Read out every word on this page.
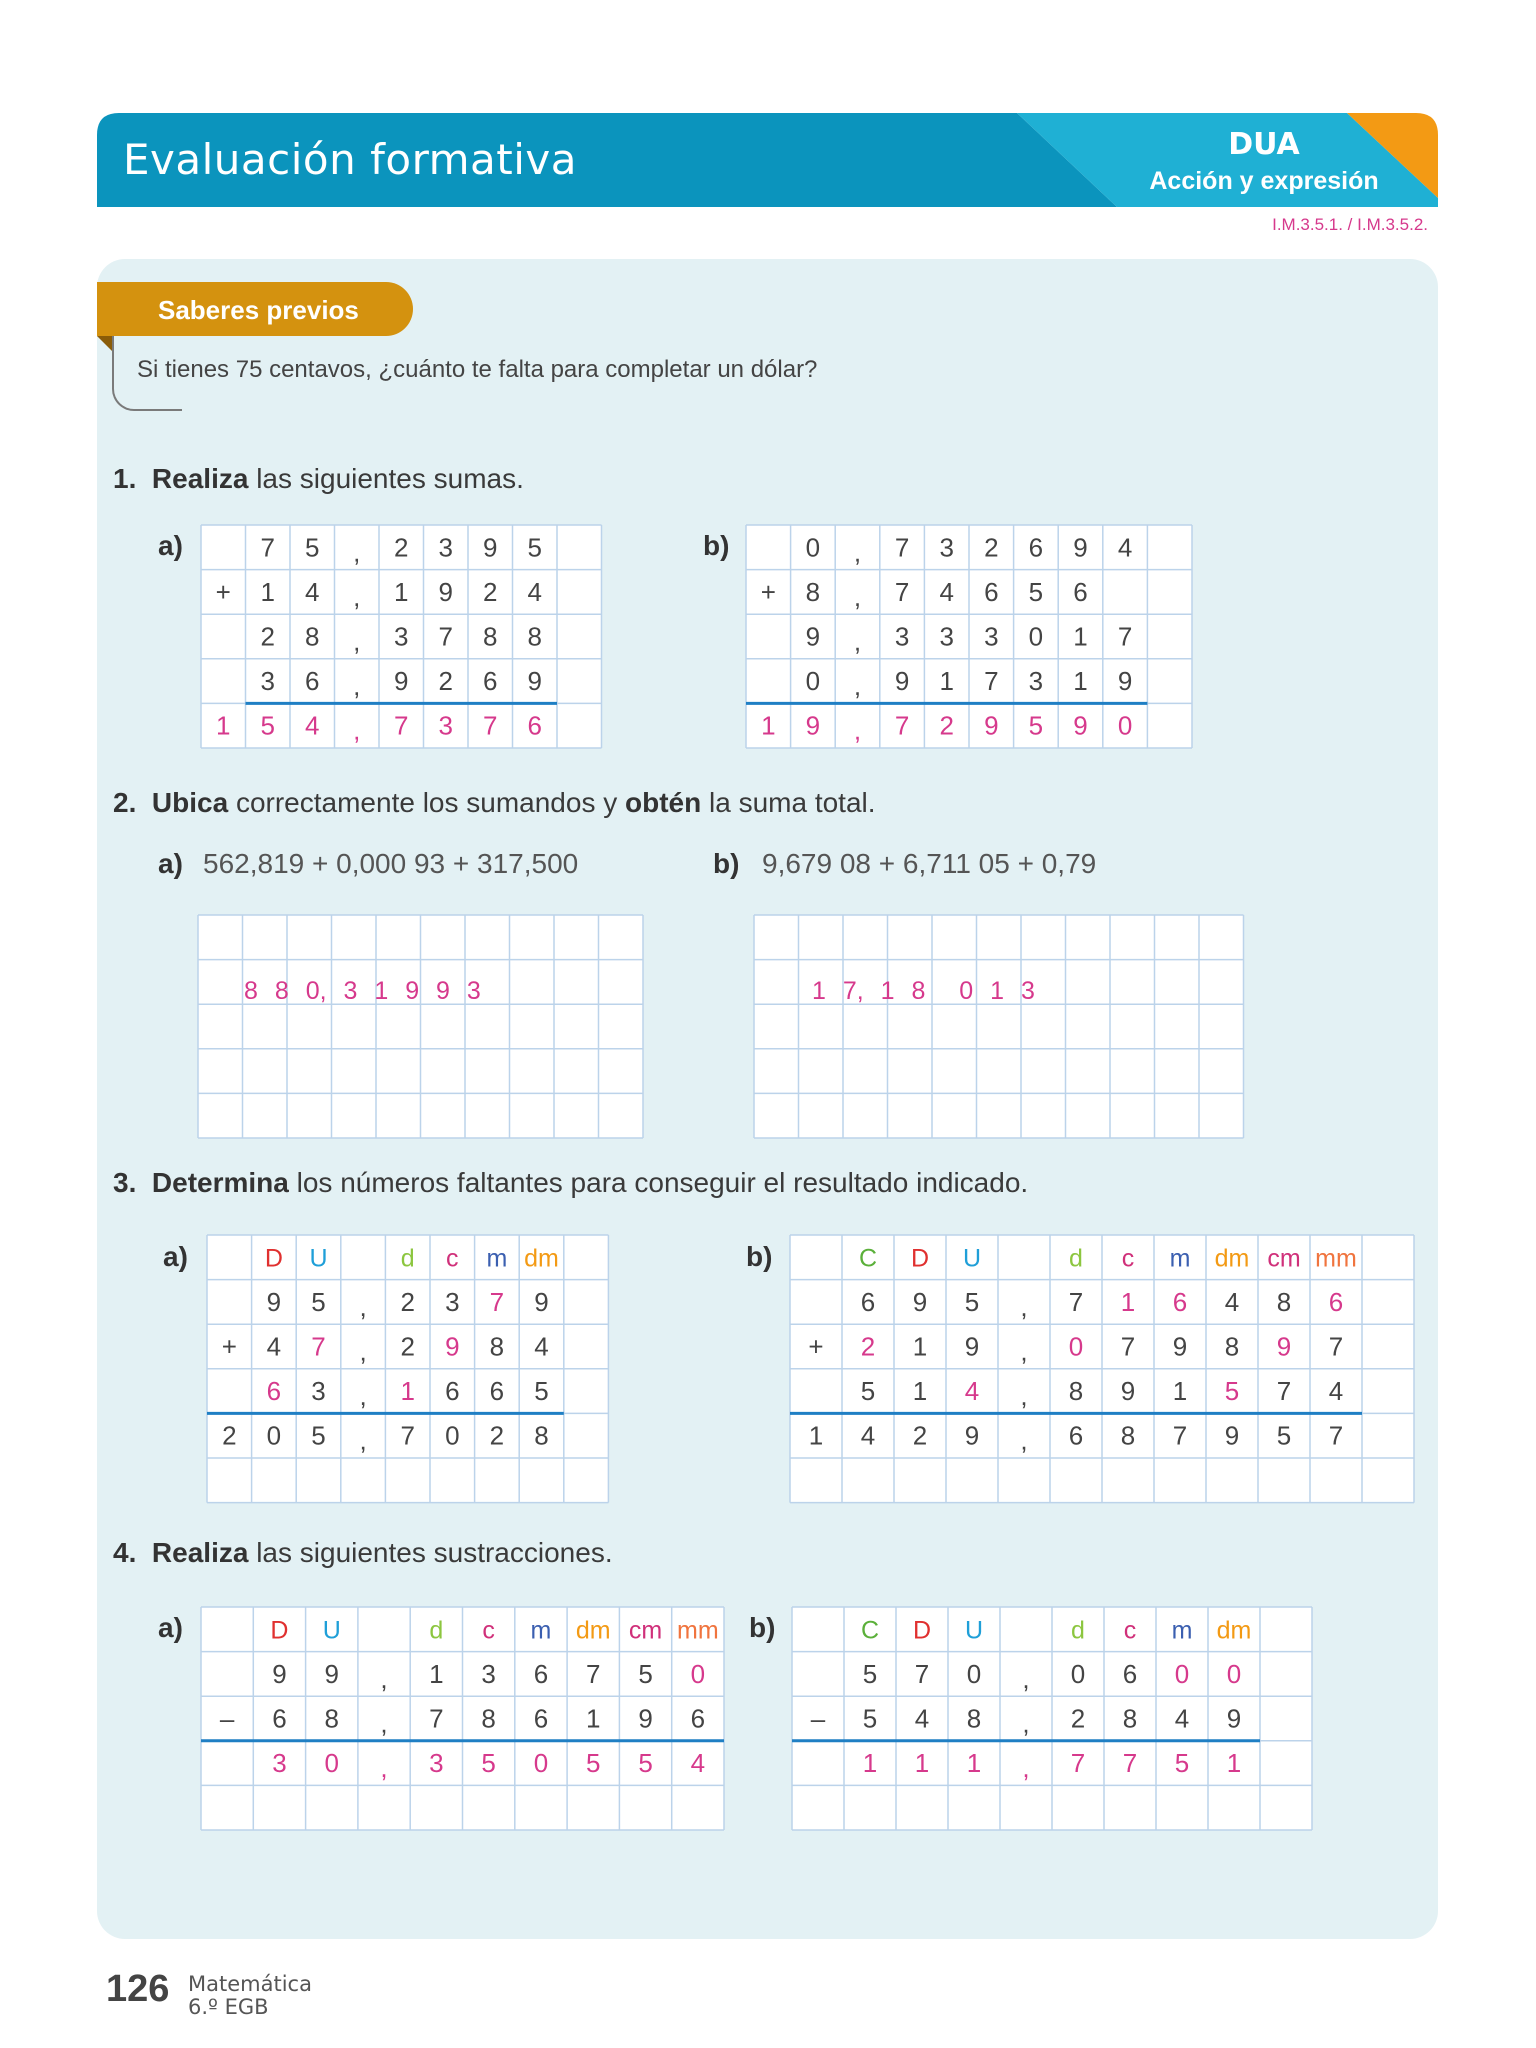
Evaluación formativa	DUA
Acción y expresión
I.M.3.5.1. / I.M.3.5.2.
Saberes previos
Si tienes 75 centavos, ¿cuánto te falta para completar un dólar?
1. Realiza las siguientes sumas.
a)	7 5 , 2 3 9 5
+ 1 4 , 1 9 2 4
2 8 , 3 7 8 8
3 6 , 9 2 6 9
1 5 4 , 7 3 7 6
b)	0 , 7 3 2 6 9 4
+ 8 , 7 4 6 5 6
9 , 3 3 3 0 1 7
0 , 9 1 7 3 1 9
1 9 , 7 2 9 5 9 0
2. Ubica correctamente los sumandos y obtén la suma total.
a) 562,819 + 0,000 93 + 317,500	b) 9,679 08 + 6,711 05 + 0,79
8 8 0, 3 1 9 9 3	1 7, 1 8  0 1 3
3. Determina los números faltantes para conseguir el resultado indicado.
a)	D U	d c m dm
9 5 , 2 3 7 9
+ 4 7 , 2 9 8 4
6 3 , 1 6 6 5
2 0 5 , 7 0 2 8
b)	C D U	d c m dm cm mm
6 9 5 , 7 1 6 4 8 6
+ 2 1 9 , 0 7 9 8 9 7
5 1 4 , 8 9 1 5 7 4
1 4 2 9 , 6 8 7 9 5 7
4. Realiza las siguientes sustracciones.
a)	D U	d c m dm cm mm
9 9 , 1 3 6 7 5 0
– 6 8 , 7 8 6 1 9 6
3 0 , 3 5 0 5 5 4
b)	C D U	d c m dm
5 7 0 , 0 6 0 0
– 5 4 8 , 2 8 4 9
1 1 1 , 7 7 5 1
126 Matemática
6.º EGB
